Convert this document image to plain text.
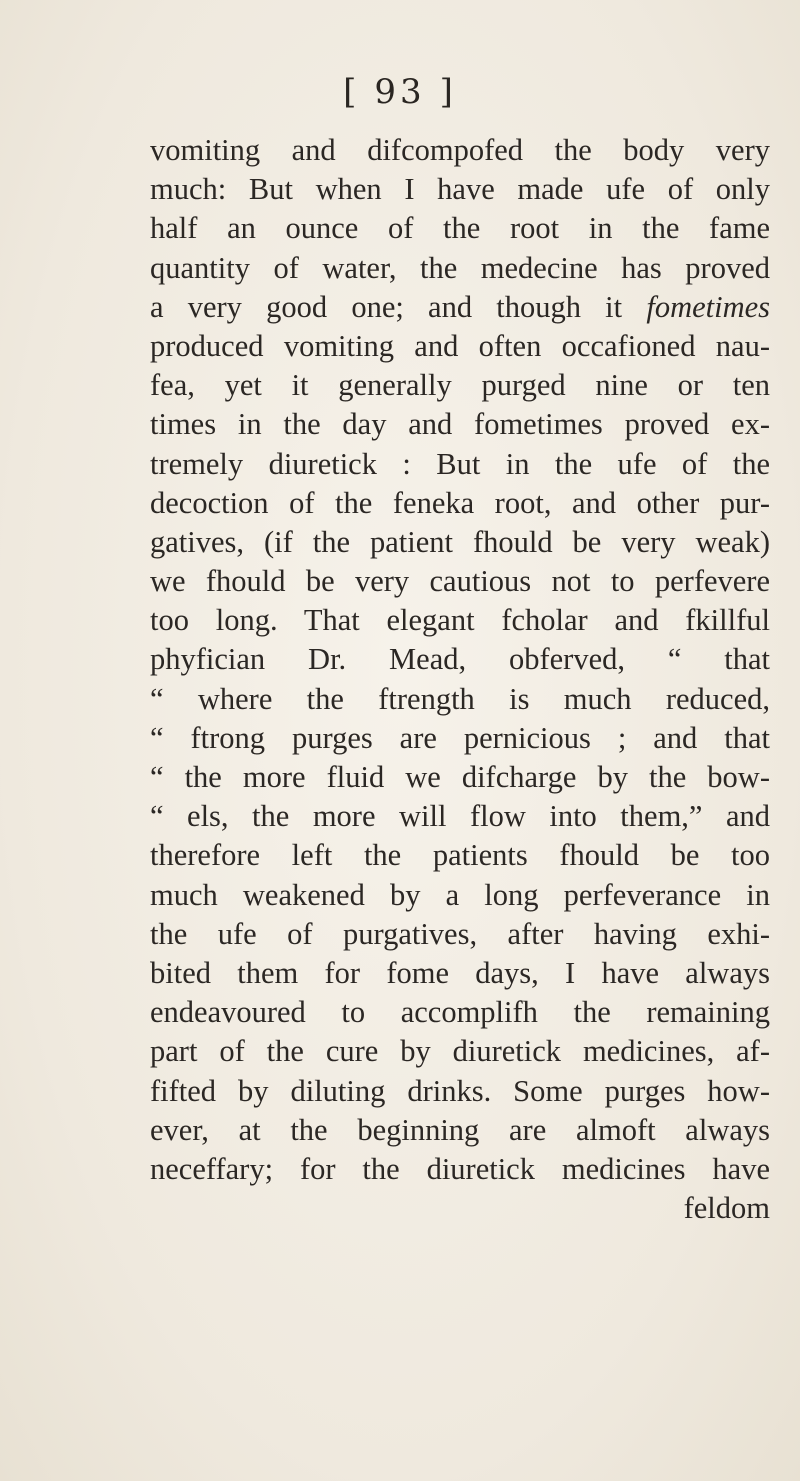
[ 93 ]
vomiting and difcompofed the body very
much: But when I have made ufe of only
half an ounce of the root in the fame
quantity of water, the medecine has proved
a very good one; and though it fometimes
produced vomiting and often occafioned nau-
fea, yet it generally purged nine or ten
times in the day and fometimes proved ex-
tremely diuretick : But in the ufe of the
decoction of the feneka root, and other pur-
gatives, (if the patient fhould be very weak)
we fhould be very cautious not to perfevere
too long. That elegant fcholar and fkillful
phyfician Dr. Mead, obferved, “ that
“ where the ftrength is much reduced,
“ ftrong purges are pernicious ; and that
“ the more fluid we difcharge by the bow-
“ els, the more will flow into them,” and
therefore left the patients fhould be too
much weakened by a long perfeverance in
the ufe of purgatives, after having exhi-
bited them for fome days, I have always
endeavoured to accomplifh the remaining
part of the cure by diuretick medicines, af-
fifted by diluting drinks. Some purges how-
ever, at the beginning are almoft always
neceffary; for the diuretick medicines have
feldom
